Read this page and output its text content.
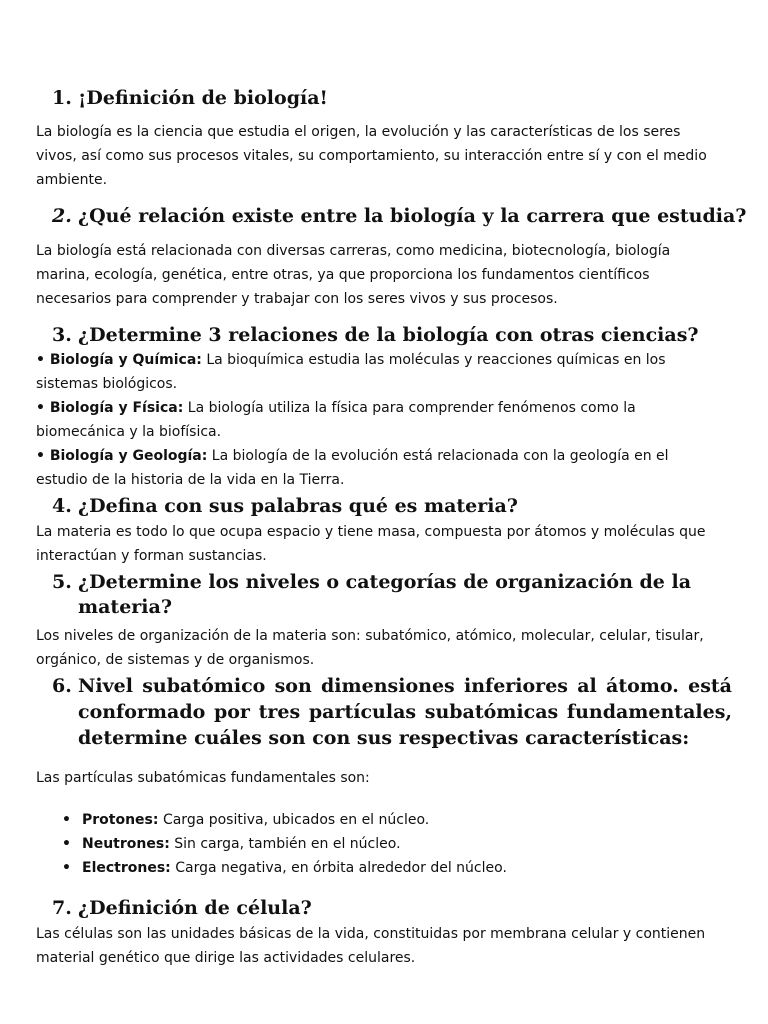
1. ¡Definición de biología!

La biología es la ciencia que estudia el origen, la evolución y las características de los seres
vivos, así como sus procesos vitales, su comportamiento, su interacción entre sí y con el medio
ambiente.

2. ¿Qué relación existe entre la biología y la carrera que estudia?

La biología está relacionada con diversas carreras, como medicina, biotecnología, biología
marina, ecología, genética, entre otras, ya que proporciona los fundamentos científicos
necesarios para comprender y trabajar con los seres vivos y sus procesos.

3. ¿Determine 3 relaciones de la biología con otras ciencias?

• Biología y Química: La bioquímica estudia las moléculas y reacciones químicas en los
sistemas biológicos.
• Biología y Física: La biología utiliza la física para comprender fenómenos como la
biomecánica y la biofísica.
• Biología y Geología: La biología de la evolución está relacionada con la geología en el
estudio de la historia de la vida en la Tierra.

4. ¿Defina con sus palabras qué es materia?

La materia es todo lo que ocupa espacio y tiene masa, compuesta por átomos y moléculas que
interactúan y forman sustancias.

5. ¿Determine los niveles o categorías de organización de la
materia?

Los niveles de organización de la materia son: subatómico, atómico, molecular, celular, tisular,
orgánico, de sistemas y de organismos.

6. Nivel subatómico son dimensiones inferiores al átomo. está
conformado por tres partículas subatómicas fundamentales,
determine cuáles son con sus respectivas características:

Las partículas subatómicas fundamentales son:

• Protones: Carga positiva, ubicados en el núcleo.
• Neutrones: Sin carga, también en el núcleo.
• Electrones: Carga negativa, en órbita alrededor del núcleo.
7. ¿Definición de célula?

Las células son las unidades básicas de la vida, constituidas por membrana celular y contienen
material genético que dirige las actividades celulares.
